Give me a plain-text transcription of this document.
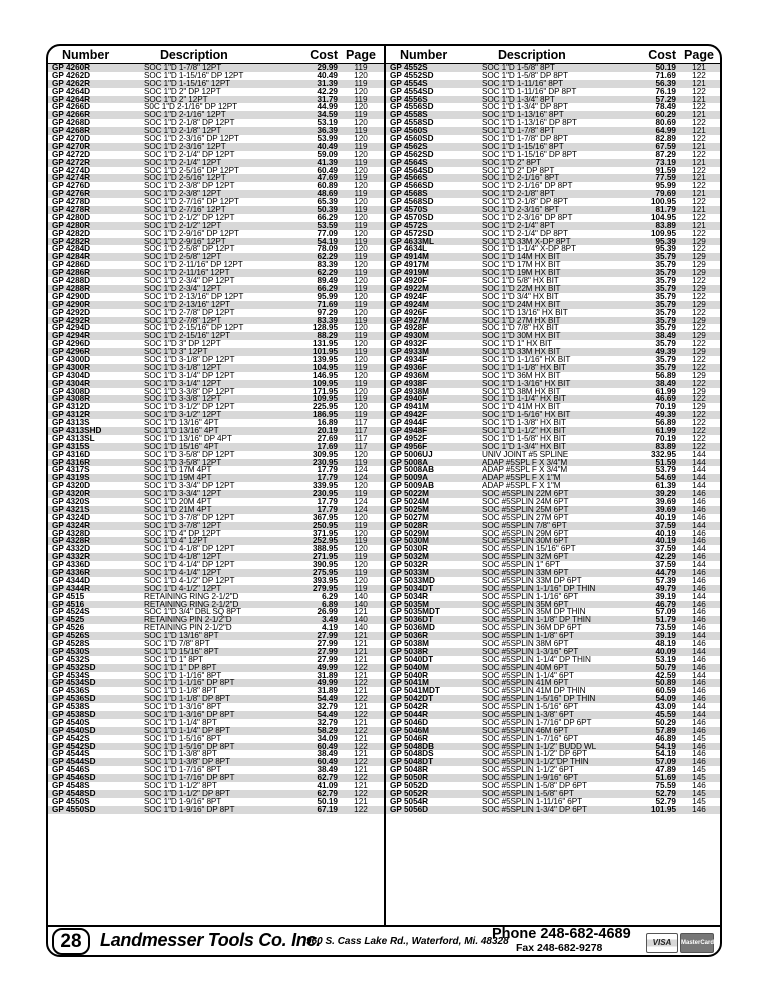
Number	Description	Cost Page
GP 4260R	SOC 1"D 1-7/8" 12PT	29.99	119
GP 4262D	SOC 1"D 1-15/16" DP 12PT	40.49	120
GP 4262R	SOC 1"D 1-15/16" 12PT	31.39	119
GP 4264D	SOC 1"D 2" DP 12PT	42.29	120
GP 4264R	SOC 1"D 2" 12PT	31.79	119
GP 4266D	S0C 1"D 2-1/16" DP 12PT	44.99	120
GP 4266R	SOC 1"D 2-1/16" 12PT	34.59	119
GP 4268D	SOC 1"D 2-1/8" DP 12PT	53.19	120
GP 4268R	SOC 1"D 2-1/8" 12PT	36.39	119
GP 4270D	SOC 1"D 2-3/16" DP 12PT	53.99	120
GP 4270R	SOC 1"D 2-3/16" 12PT	40.49	119
GP 4272D	SOC 1"D 2-1/4" DP 12PT	59.09	120
GP 4272R	SOC 1"D 2-1/4" 12PT	41.39	119
GP 4274D	SOC 1"D 2-5/16" DP 12PT	60.49	120
GP 4274R	SOC 1"D 2-5/16" 12PT	47.69	119
GP 4276D	SOC 1"D 2-3/8" DP 12PT	60.89	120
GP 4276R	SOC 1"D 2-3/8" 12PT	48.69	119
GP 4278D	SOC 1"D 2-7/16" DP 12PT	65.39	120
GP 4278R	SOC 1"D 2-7/16" 12PT	50.39	119
GP 4280D	SOC 1"D 2-1/2" DP 12PT	66.29	120
GP 4280R	SOC 1"D 2-1/2" 12PT	53.59	119
GP 4282D	SOC 1"D 2-9/16" DP 12PT	77.09	120
GP 4282R	SOC 1"D 2-9/16" 12PT	54.19	119
GP 4284D	SOC 1"D 2-5/8" DP 12PT	78.09	120
GP 4284R	SOC 1"D 2-5/8" 12PT	62.29	119
GP 4286D	SOC 1"D 2-11/16" DP 12PT	83.39	120
GP 4286R	SOC 1"D 2-11/16" 12PT	62.29	119
GP 4288D	SOC 1"D 2-3/4" DP 12PT	89.49	120
GP 4288R	SOC 1"D 2-3/4" 12PT	66.29	119
GP 4290D	SOC 1"D 2-13/16" DP 12PT	95.99	120
GP 4290R	SOC 1"D 2-13/16" 12PT	71.69	119
GP 4292D	SOC 1"D 2-7/8" DP 12PT	97.29	120
GP 4292R	SOC 1"D 2-7/8" 12PT	83.39	119
GP 4294D	SOC 1"D 2-15/16" DP 12PT	128.95	120
GP 4294R	SOC 1"D 2-15/16" 12PT	88.29	119
GP 4296D	SOC 1"D 3" DP 12PT	131.95	120
GP 4296R	SOC 1"D 3" 12PT	101.95	119
GP 4300D	SOC 1"D 3-1/8" DP 12PT	139.95	120
GP 4300R	SOC 1"D 3-1/8" 12PT	104.95	119
GP 4304D	SOC 1"D 3-1/4" DP 12PT	146.95	120
GP 4304R	SOC 1"D 3-1/4" 12PT	109.95	119
GP 4308D	SOC 1"D 3-3/8" DP 12PT	171.95	120
GP 4308R	SOC 1"D 3-3/8" 12PT	109.95	119
GP 4312D	SOC 1"D 3-1/2" DP 12PT	225.95	120
GP 4312R	SOC 1"D 3-1/2" 12PT	186.95	119
GP 4313S	SOC 1"D 13/16" 4PT	16.89	117
GP 4313SHD	SOC 1"D 13/16" 4PT	20.19	117
GP 4313SL	SOC 1"D 13/16" DP 4PT	27.69	117
GP 4315S	SOC 1"D 15/16" 4PT	17.69	117
GP 4316D	SOC 1"D 3-5/8" DP 12PT	309.95	120
GP 4316R	SOC 1"D 3-5/8" 12PT	230.95	119
GP 4317S	SOC 1"D 17M 4PT	17.79	124
GP 4319S	SOC 1"D 19M 4PT	17.79	124
GP 4320D	SOC 1"D 3-3/4" DP 12PT	339.95	120
GP 4320R	SOC 1"D 3-3/4" 12PT	230.95	119
GP 4320S	SOC 1"D 20M 4PT	17.79	124
GP 4321S	SOC 1"D 21M 4PT	17.79	124
GP 4324D	SOC 1"D 3-7/8" DP 12PT	367.95	120
GP 4324R	SOC 1"D 3-7/8" 12PT	250.95	119
GP 4328D	SOC 1"D 4" DP 12PT	371.95	120
GP 4328R	SOC 1"D 4" 12PT	252.95	119
GP 4332D	SOC 1"D 4-1/8" DP 12PT	388.95	120
GP 4332R	SOC 1"D 4-1/8" 12PT	271.95	119
GP 4336D	SOC 1"D 4-1/4" DP 12PT	390.95	120
GP 4336R	SOC 1"D 4-1/4" 12PT	275.95	119
GP 4344D	SOC 1"D 4-1/2" DP 12PT	393.95	120
GP 4344R	SOC 1"D 4-1/2" 12PT	279.95	119
GP 4515	RETAINING RING 2-1/2"D	6.29	140
GP 4516	RETAINING RING 2-1/2"D	6.89	140
GP 4524S	SOC 1"D 3/4" DBL SQ 8PT	26.99	121
GP 4525	RETAINING PIN 2-1/2"D	3.49	140
GP 4526	RETAINING PIN 2-1/2"D	4.19	140
GP 4526S	SOC 1"D 13/16" 8PT	27.99	121
GP 4528S	SOC 1"D 7/8" 8PT	27.99	121
GP 4530S	SOC 1"D 15/16" 8PT	27.99	121
GP 4532S	SOC 1"D 1" 8PT	27.99	121
GP 4532SD	SOC 1"D 1" DP 8PT	49.99	122
GP 4534S	SOC 1"D 1-1/16" 8PT	31.89	121
GP 4534SD	SOC 1"D 1-1/16" DP 8PT	49.99	122
GP 4536S	SOC 1"D 1-1/8" 8PT	31.89	121
GP 4536SD	SOC 1"D 1-1/8" DP 8PT	54.49	122
GP 4538S	SOC 1"D 1-3/16" 8PT	32.79	121
GP 4538SD	SOC 1"D 1-3/16" DP 8PT	54.49	122
GP 4540S	SOC 1"D 1-1/4" 8PT	32.79	121
GP 4540SD	SOC 1"D 1-1/4" DP 8PT	58.29	122
GP 4542S	SOC 1"D 1-5/16" 8PT	34.09	121
GP 4542SD	SOC 1"D 1-5/16" DP 8PT	60.49	122
GP 4544S	SOC 1"D 1-3/8" 8PT	38.49	121
GP 4544SD	SOC 1"D 1-3/8" DP 8PT	60.49	122
GP 4546S	SOC 1"D 1-7/16" 8PT	38.49	121
GP 4546SD	SOC 1"D 1-7/16" DP 8PT	62.79	122
GP 4548S	SOC 1"D 1-1/2" 8PT	41.09	121
GP 4548SD	SOC 1"D 1-1/2" DP 8PT	62.79	122
GP 4550S	SOC 1"D 1-9/16" 8PT	50.19	121
GP 4550SD	SOC 1"D 1-9/16" DP 8PT	67.19	122
Number	Description	Cost Page
GP 4552S	SOC 1"D 1-5/8" 8PT	50.19	121
GP 4552SD	SOC 1"D 1-5/8" DP 8PT	71.69	122
GP 4554S	SOC 1"D 1-11/16" 8PT	56.39	121
GP 4554SD	SOC 1"D 1-11/16" DP 8PT	76.19	122
GP 4556S	SOC 1"D 1-3/4" 8PT	57.29	121
GP 4556SD	SOC 1"D 1-3/4" DP 8PT	78.49	122
GP 4558S	SOC 1"D 1-13/16" 8PT	60.29	121
GP 4558SD	SOC 1"D 1-13/16" DP 8PT	80.69	122
GP 4560S	SOC 1"D 1-7/8" 8PT	64.99	121
GP 4560SD	SOC 1"D 1-7/8" DP 8PT	82.89	122
GP 4562S	SOC 1"D 1-15/16" 8PT	67.59	121
GP 4562SD	SOC 1"D 1-15/16" DP 8PT	87.29	122
GP 4564S	SOC 1"D 2" 8PT	73.19	121
GP 4564SD	SOC 1"D 2" DP 8PT	91.59	122
GP 4566S	SOC 1"D 2-1/16" 8PT	77.59	121
GP 4566SD	SOC 1"D 2-1/16" DP 8PT	95.99	122
GP 4568S	SOC 1"D 2-1/8" 8PT	79.69	121
GP 4568SD	SOC 1"D 2-1/8" DP 8PT	100.95	122
GP 4570S	SOC 1"D 2-3/16" 8PT	81.79	121
GP 4570SD	SOC 1"D 2-3/16" DP 8PT	104.95	122
GP 4572S	SOC 1"D 2-1/4" 8PT	83.89	121
GP 4572SD	SOC 1"D 2-1/4" DP 8PT	109.95	122
GP 4633ML	SOC 1"D 33M X-DP 8PT	95.39	129
GP 4634L	SOC 1"D 1-1/4" X-DP 8PT	95.39	122
GP 4914M	SOC 1"D 14M HX BIT	35.79	129
GP 4917M	SOC 1"D 17M HX BIT	35.79	129
GP 4919M	SOC 1"D 19M HX BIT	35.79	129
GP 4920F	SOC 1"D 5/8" HX BIT	35.79	122
GP 4922M	SOC 1"D 22M HX BIT	35.79	129
GP 4924F	SOC 1"D 3/4" HX BIT	35.79	122
GP 4924M	SOC 1"D 24M HX BIT	35.79	129
GP 4926F	SOC 1"D 13/16" HX BIT	35.79	122
GP 4927M	SOC 1"D 27M HX BIT	35.79	129
GP 4928F	SOC 1"D 7/8" HX BIT	35.79	122
GP 4930M	SOC 1"D 30M HX BIT	38.49	129
GP 4932F	SOC 1"D 1" HX BIT	35.79	122
GP 4933M	SOC 1"D 33M HX BIT	49.39	129
GP 4934F	SOC 1"D 1-1/16" HX BIT	35.79	122
GP 4936F	SOC 1"D 1-1/8" HX BIT	35.79	122
GP 4936M	SOC 1"D 36M HX BIT	56.89	129
GP 4938F	SOC 1"D 1-3/16" HX BIT	38.49	122
GP 4938M	SOC 1"D 38M HX BIT	61.99	129
GP 4940F	SOC 1"D 1-1/4" HX BIT	46.69	122
GP 4941M	SOC 1"D 41M HX BIT	70.19	129
GP 4942F	SOC 1"D 1-5/16" HX BIT	49.39	122
GP 4944F	SOC 1"D 1-3/8" HX BIT	56.89	122
GP 4948F	SOC 1"D 1-1/2" HX BIT	61.99	122
GP 4952F	SOC 1"D 1-5/8" HX BIT	70.19	122
GP 4956F	SOC 1"D 1-3/4" HX BIT	83.89	122
GP 5006UJ	UNIV JOINT #5 SPLINE	332.95	144
GP 5008A	ADAP #5SPL F X 3/4"M	51.59	144
GP 5008AB	ADAP #5SPL F X 3/4"M	53.79	144
GP 5009A	ADAP #5SPL F X 1"M	54.69	144
GP 5009AB	ADAP #5SPL F X 1"M	61.39	144
GP 5022M	SOC #5SPLIN 22M 6PT	39.29	146
GP 5024M	SOC #5SPLIN 24M 6PT	39.69	146
GP 5025M	SOC #5SPLIN 25M 6PT	39.69	146
GP 5027M	SOC #5SPLIN 27M 6PT	40.19	146
GP 5028R	SOC #5SPLIN 7/8" 6PT	37.59	144
GP 5029M	SOC #5SPLIN 29M 6PT	40.19	146
GP 5030M	SOC #5SPLIN 30M 6PT	40.19	146
GP 5030R	SOC #5SPLIN 15/16" 6PT	37.59	144
GP 5032M	SOC #5SPLIN 32M 6PT	42.29	146
GP 5032R	SOC #5SPLIN 1" 6PT	37.59	144
GP 5033M	SOC #5SPLIN 33M 6PT	44.79	146
GP 5033MD	SOC #5SPLIN 33M DP 6PT	57.39	146
GP 5034DT	SOC #5SPLIN 1-1/16" DP THIN	49.79	146
GP 5034R	SOC #5SPLIN 1-1/16" 6PT	39.19	144
GP 5035M	SOC #5SPLIN 35M 6PT	46.79	146
GP 5035MDT	SOC #5SPLIN 35M DP THIN	57.09	146
GP 5036DT	SOC #5SPLIN 1-1/8" DP THIN	51.79	146
GP 5036MD	SOC #5SPLIN 36M DP 6PT	73.59	146
GP 5036R	SOC #5SPLIN 1-1/8" 6PT	39.19	144
GP 5038M	SOC #5SPLIN 38M 6PT	48.19	146
GP 5038R	SOC #5SPLIN 1-3/16" 6PT	40.09	144
GP 5040DT	SOC #5SPLIN 1-1/4" DP THIN	53.19	146
GP 5040M	SOC #5SPLIN 40M 6PT	50.79	146
GP 5040R	SOC #5SPLIN 1-1/4" 6PT	42.59	144
GP 5041M	SOC #5SPLIN 41M 6PT	50.89	146
GP 5041MDT	SOC #5SPLIN 41M DP THIN	60.59	146
GP 5042DT	SOC #5SPLIN 1-5/16" DP THIN	54.09	146
GP 5042R	SOC #5SPLIN 1-5/16" 6PT	43.09	144
GP 5044R	SOC #5SPLIN 1-3/8" 6PT	45.59	144
GP 5046D	SOC #5SPLIN 1-7/16" DP 6PT	50.29	146
GP 5046M	SOC #5SPLIN 46M 6PT	57.89	146
GP 5046R	SOC #5SPLIN 1-7/16" 6PT	46.89	145
GP 5048DB	SOC #5SPLIN 1-1/2" BUDD WL	54.19	146
GP 5048DS	SOC #5SPLIN 1-1/2" DP 6PT	54.19	146
GP 5048DT	SOC #5SPLIN 1-1/2"DP THIN	57.09	146
GP 5048R	SOC #5SPLIN 1-1/2" 6PT	47.89	145
GP 5050R	SOC #5SPLIN 1-9/16" 6PT	51.69	145
GP 5052D	SOC #5SPLIN 1-5/8" DP 6PT	75.59	146
GP 5052R	SOC #5SPLIN 1-5/8" 6PT	52.79	145
GP 5054R	SOC #5SPLIN 1-11/16" 6PT	52.79	145
GP 5056D	SOC #5SPLIN 1-3/4" DP 6PT	101.95	146
28	Landmesser Tools Co. Inc.
960 S. Cass Lake Rd., Waterford, Mi. 48328
Phone 248-682-4689
Fax 248-682-9278	VISA	MasterCard
